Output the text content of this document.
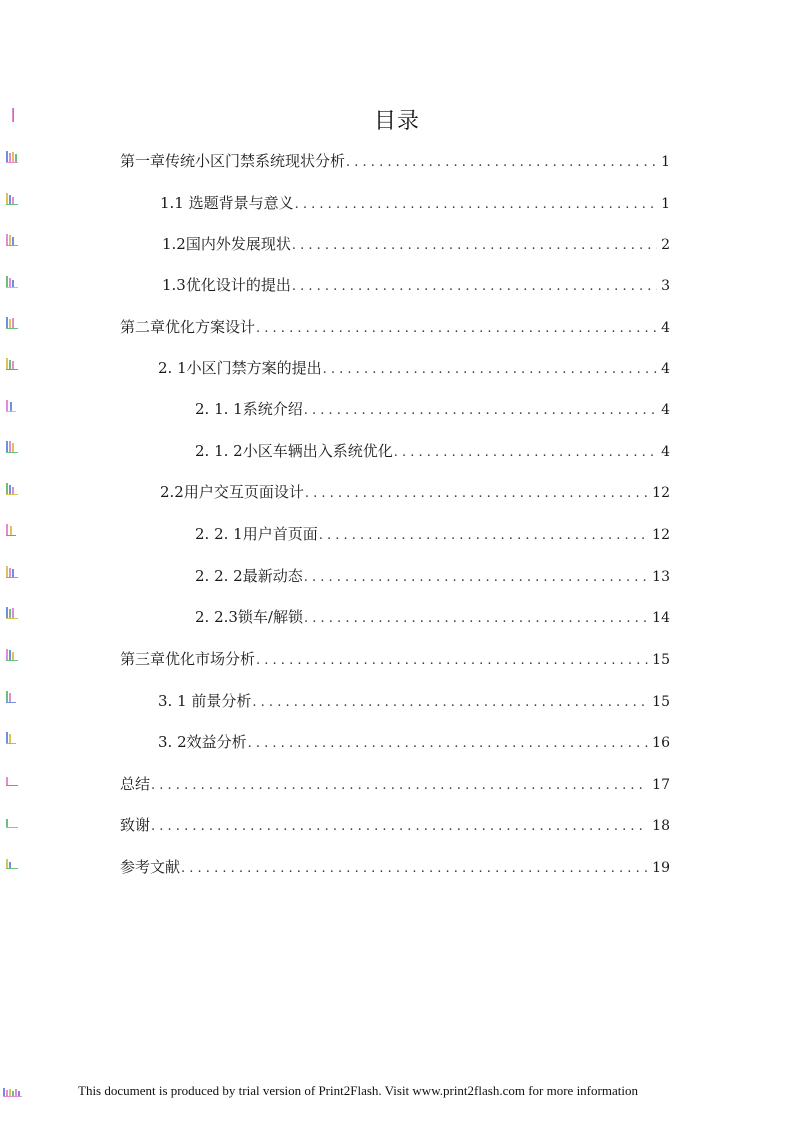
目录
第一章传统小区门禁系统现状分析 . . .	1
1.1 选题背景与意义 . . .	1
1.2国内外发展现状 . . .	2
1.3优化设计的提出 . . .	3
第二章优化方案设计 . . .	4
2. 1小区门禁方案的提出 . . .	4
2. 1. 1系统介绍 . . .	4
2. 1. 2小区车辆出入系统优化 . . .	4
2.2用户交互页面设计 . . .	12
2. 2. 1用户首页面 . . .	12
2. 2. 2最新动态 . . .	13
2. 2.3锁车/解锁 . . .	14
第三章优化市场分析 . . .	15
3. 1 前景分析 . . .	15
3. 2效益分析 . . .	16
总结 . . .	17
致谢 . . .	18
参考文献 . . .	19
This document is produced by trial version of Print2Flash. Visit www.print2flash.com for more information
